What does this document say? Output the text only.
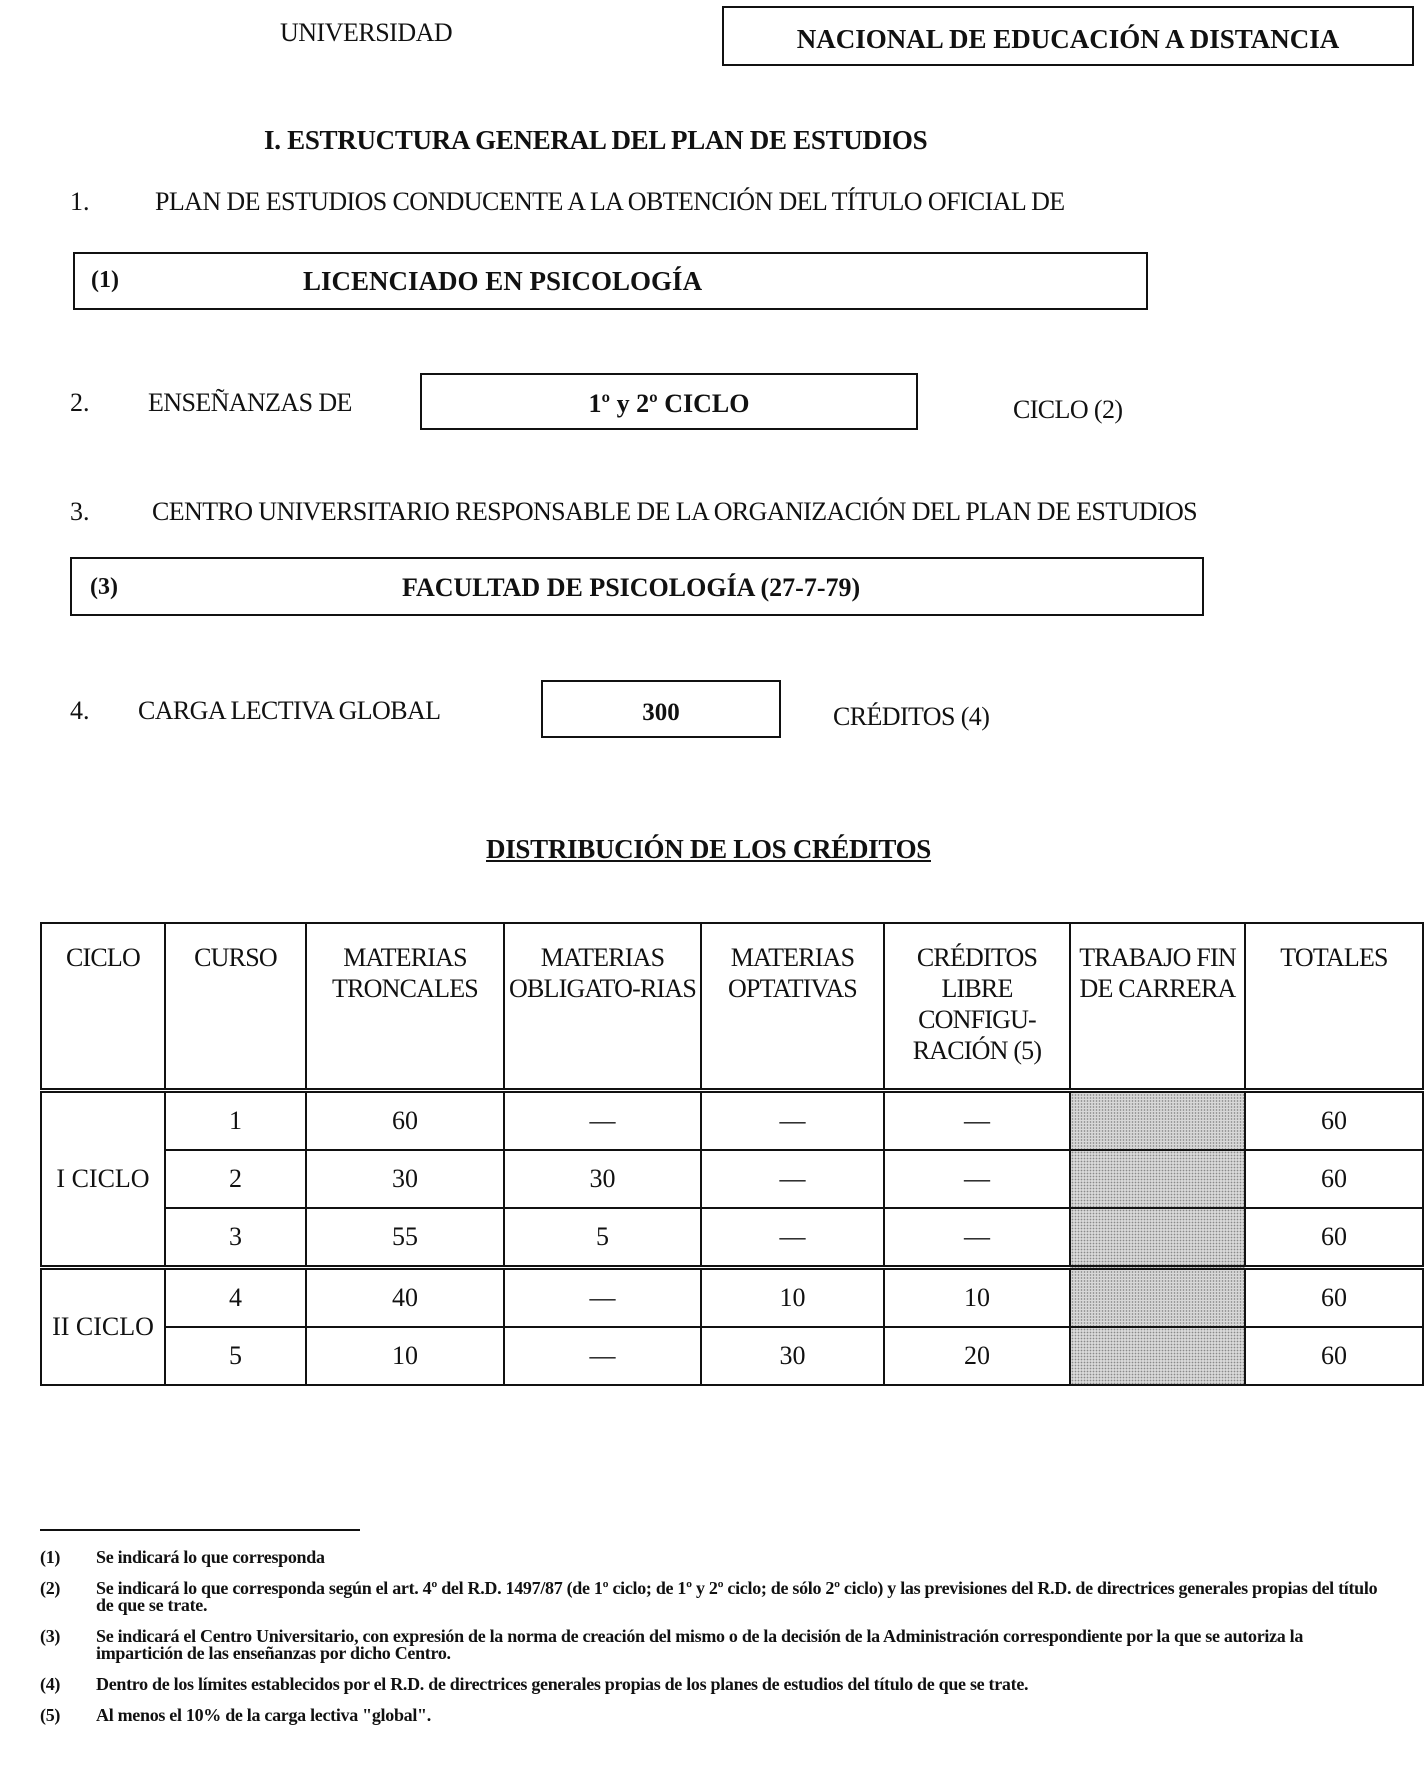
UNIVERSIDAD	NACIONAL DE EDUCACIÓN A DISTANCIA
I. ESTRUCTURA GENERAL DEL PLAN DE ESTUDIOS
1.	PLAN DE ESTUDIOS CONDUCENTE A LA OBTENCIÓN DEL TÍTULO OFICIAL DE
(1)	LICENCIADO EN PSICOLOGÍA
2. ENSEÑANZAS DE	1º y 2º CICLO	CICLO (2)
3. CENTRO UNIVERSITARIO RESPONSABLE DE LA ORGANIZACIÓN DEL PLAN DE ESTUDIOS
(3)	FACULTAD DE PSICOLOGÍA (27-7-79)
4. CARGA LECTIVA GLOBAL	300	CRÉDITOS (4)
DISTRIBUCIÓN DE LOS CRÉDITOS
CICLO	CURSO	MATERIAS TRONCALES	MATERIAS OBLIGATO-RIAS	MATERIAS OPTATIVAS	CRÉDITOS LIBRE CONFIGU-RACIÓN (5)	TRABAJO FIN DE CARRERA	TOTALES
I CICLO	1	60	—	—	—		60
	2	30	30	—	—		60
	3	55	5	—	—		60
II CICLO	4	40	—	10	10		60
	5	10	—	30	20		60
(1) Se indicará lo que corresponda
(2) Se indicará lo que corresponda según el art. 4º del R.D. 1497/87 (de 1º ciclo; de 1º y 2º ciclo; de sólo 2º ciclo) y las previsiones del R.D. de directrices generales propias del título de que se trate.
(3) Se indicará el Centro Universitario, con expresión de la norma de creación del mismo o de la decisión de la Administración correspondiente por la que se autoriza la impartición de las enseñanzas por dicho Centro.
(4) Dentro de los límites establecidos por el R.D. de directrices generales propias de los planes de estudios del título de que se trate.
(5) Al menos el 10% de la carga lectiva "global".
